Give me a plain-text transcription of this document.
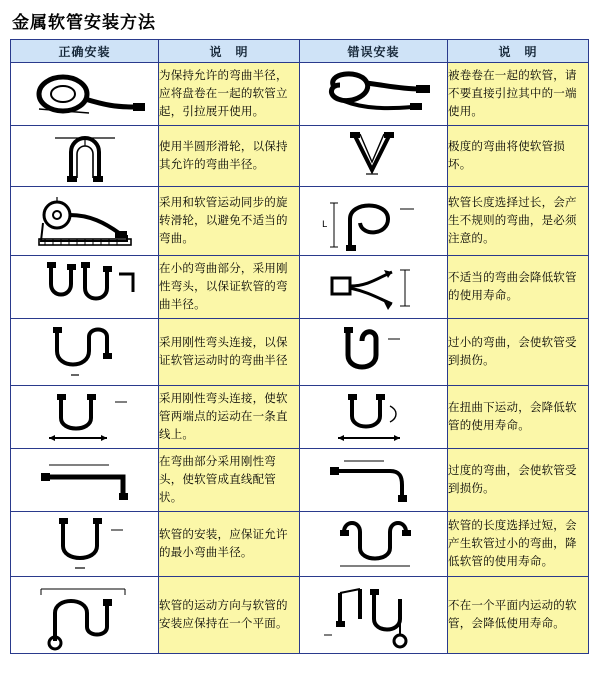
金属软管安装方法
正确安装	说　明	错误安装	说　明

	为保持允许的弯曲半径，应将盘卷在一起的软管立起，引拉展开使用。		被卷卷在一起的软管，请不要直接引拉其中的一端使用。

	使用半圆形滑轮，以保持其允许的弯曲半径。		极度的弯曲将使软管损坏。

	采用和软管运动同步的旋转滑轮，以避免不适当的弯曲。	L	软管长度选择过长，会产生不规则的弯曲，是必须注意的。

	在小的弯曲部分，采用刚性弯头，以保证软管的弯曲半径。		不适当的弯曲会降低软管的使用寿命。

	采用刚性弯头连接，以保证软管运动时的弯曲半径		过小的弯曲，会使软管受到损伤。

	采用刚性弯头连接，使软管两端点的运动在一条直线上。		在扭曲下运动，会降低软管的使用寿命。

	在弯曲部分采用刚性弯头，使软管成直线配管状。		过度的弯曲，会使软管受到损伤。

	软管的安装，应保证允许的最小弯曲半径。		软管的长度选择过短，会产生软管过小的弯曲，降低软管的使用寿命。

	软管的运动方向与软管的安装应保持在一个平面。		不在一个平面内运动的软管，会降低使用寿命。
